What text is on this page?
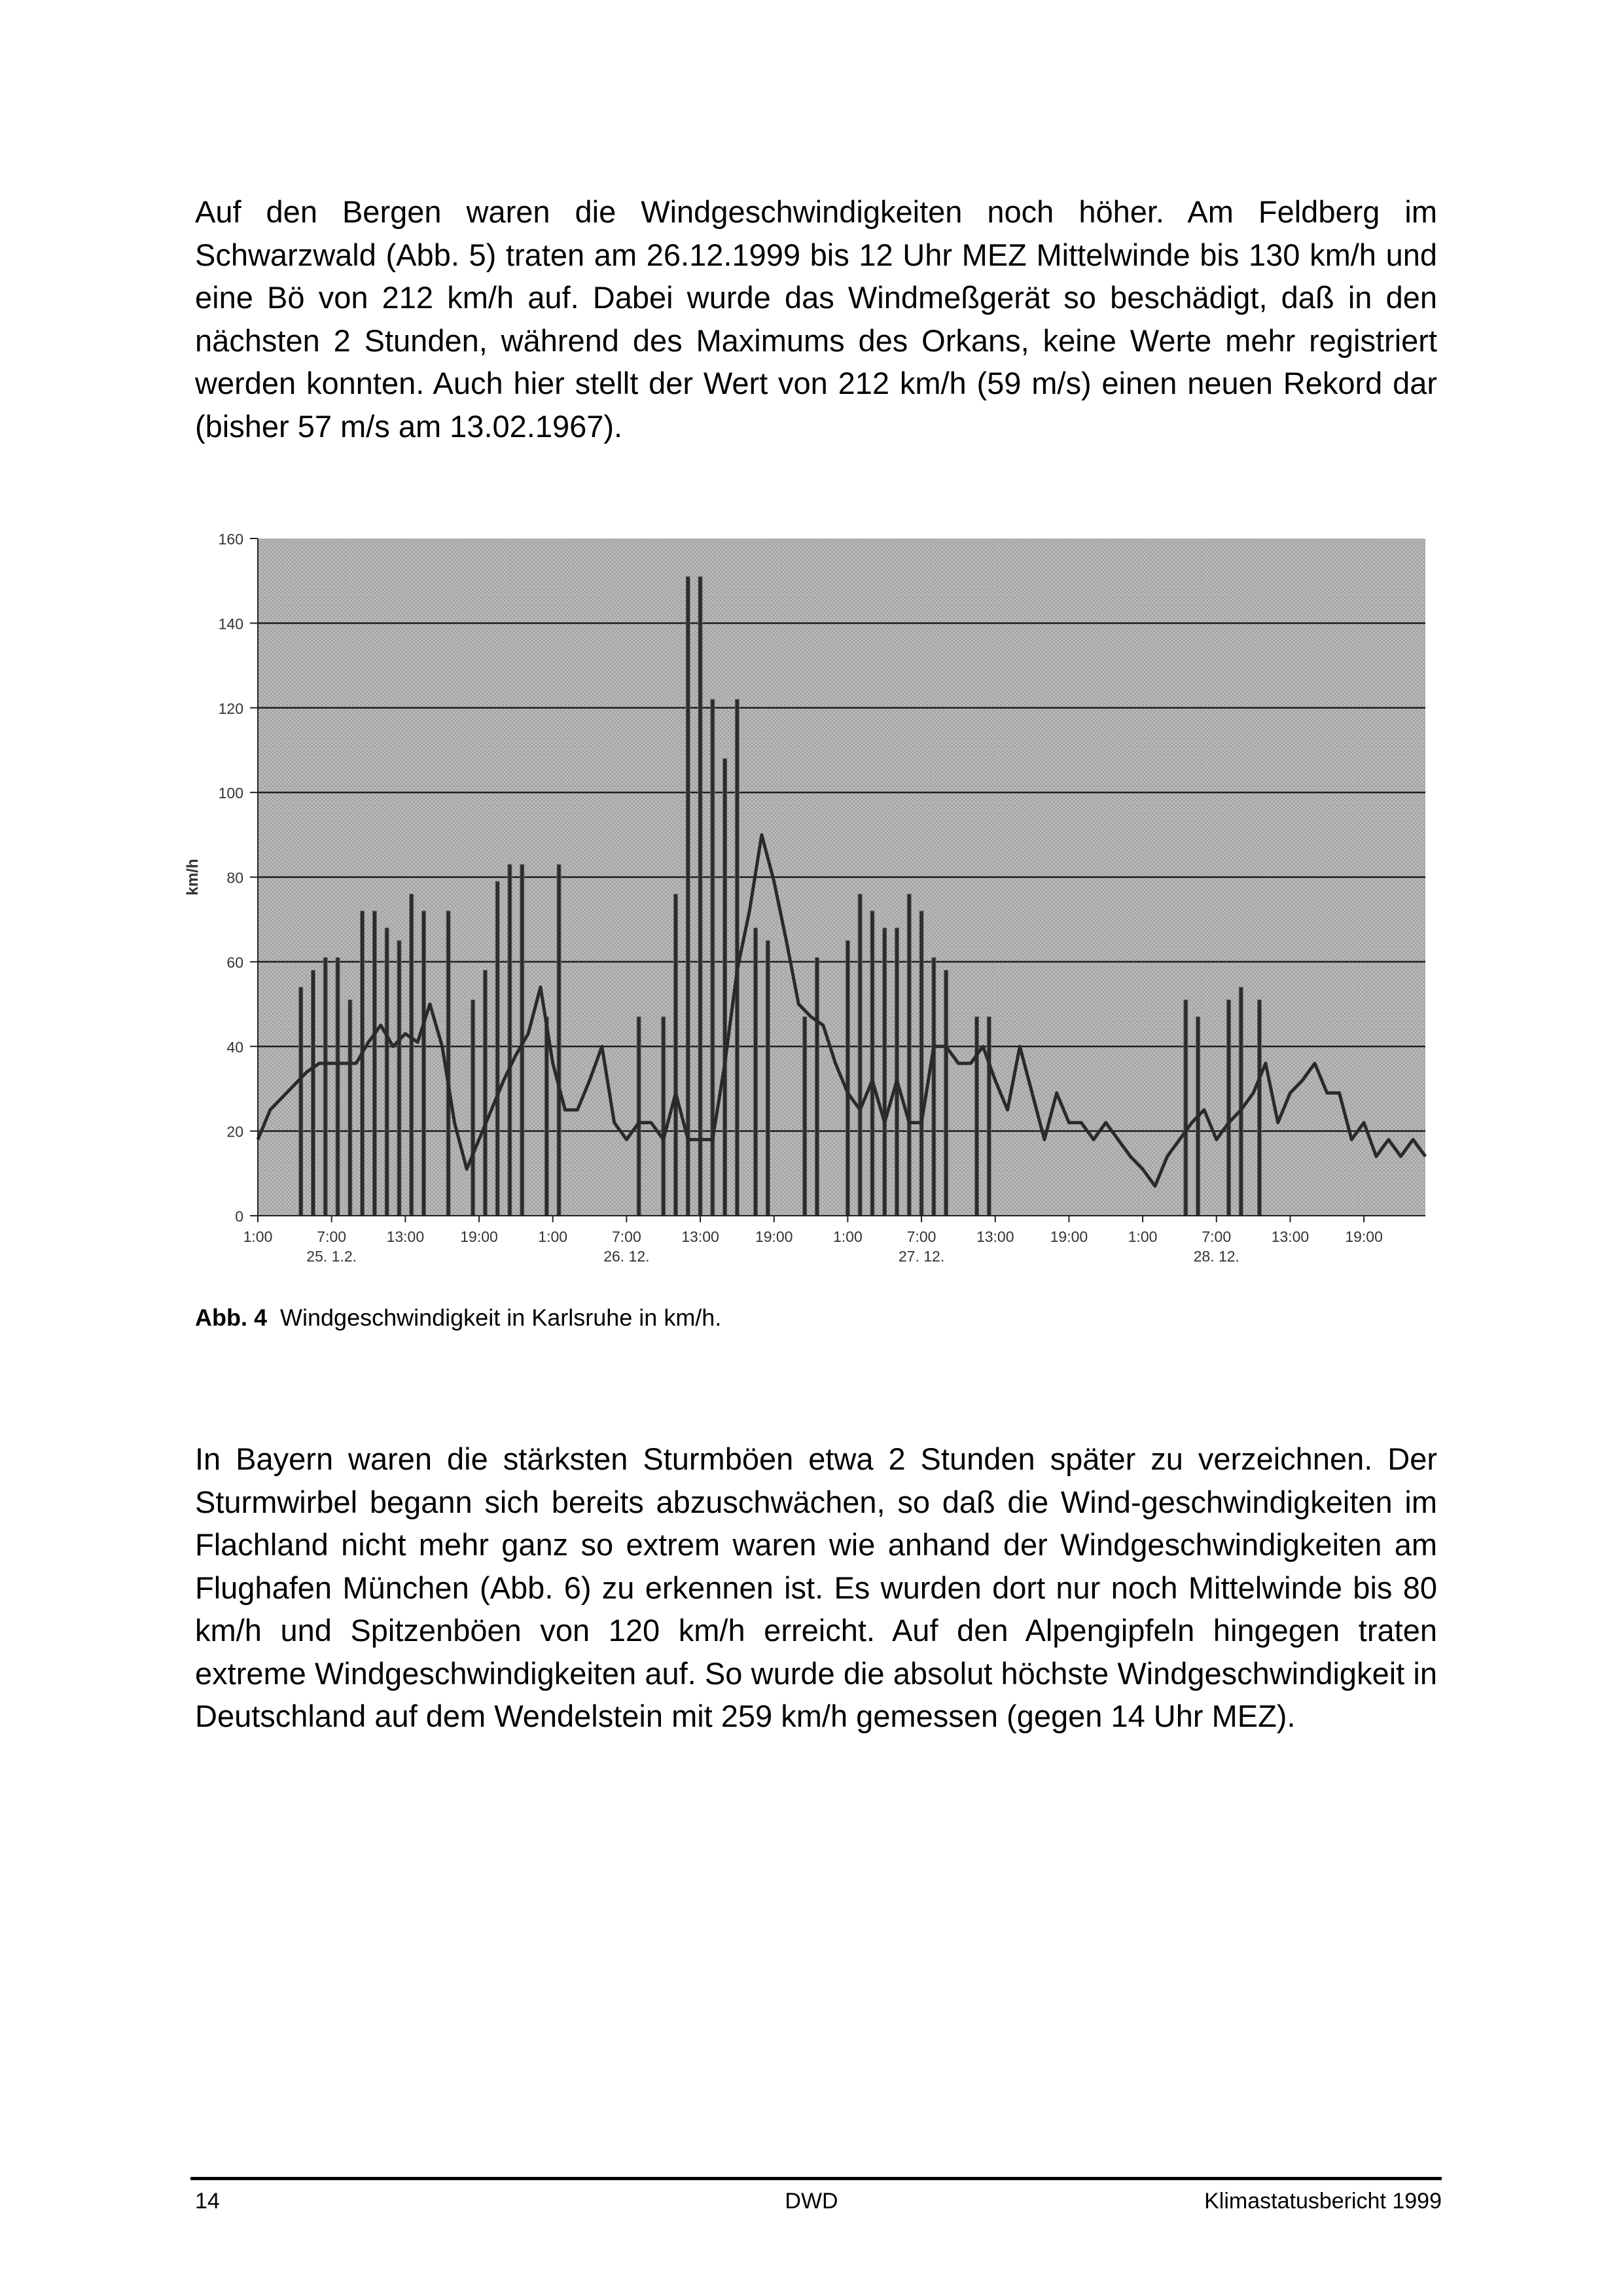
Auf den Bergen waren die Windgeschwindigkeiten noch höher. Am Feldberg im Schwarzwald (Abb. 5) traten am 26.12.1999 bis 12 Uhr MEZ Mittelwinde bis 130 km/h und eine Bö von 212 km/h auf. Dabei wurde das Windmeßgerät so beschädigt, daß in den nächsten 2 Stunden, während des Maximums des Orkans, keine Werte mehr registriert werden konnten. Auch hier stellt der Wert von 212 km/h (59 m/s) einen neuen Rekord dar (bisher 57 m/s am 13.02.1967).

0
20
40
60
80
100
120
140
160
1:00	7:00	13:00 19:00	1:00	7:00	13:00 19:00	1:00	7:00	13:00 19:00	1:00	7:00	13:00 19:00
25. 1.2.	26. 12.	27. 12.	28. 12.
km/h
Abb. 4 Windgeschwindigkeit in Karlsruhe in km/h.

In Bayern waren die stärksten Sturmböen etwa 2 Stunden später zu verzeichnen. Der Sturmwirbel begann sich bereits abzuschwächen, so daß die Wind-geschwindigkeiten im Flachland nicht mehr ganz so extrem waren wie anhand der Windgeschwindigkeiten am Flughafen München (Abb. 6) zu erkennen ist. Es wurden dort nur noch Mittelwinde bis 80 km/h und Spitzenböen von 120 km/h erreicht. Auf den Alpengipfeln hingegen traten extreme Windgeschwindigkeiten auf. So wurde die absolut höchste Windgeschwindigkeit in Deutschland auf dem Wendelstein mit 259 km/h gemessen (gegen 14 Uhr MEZ).

14	DWD	Klimastatusbericht 1999
